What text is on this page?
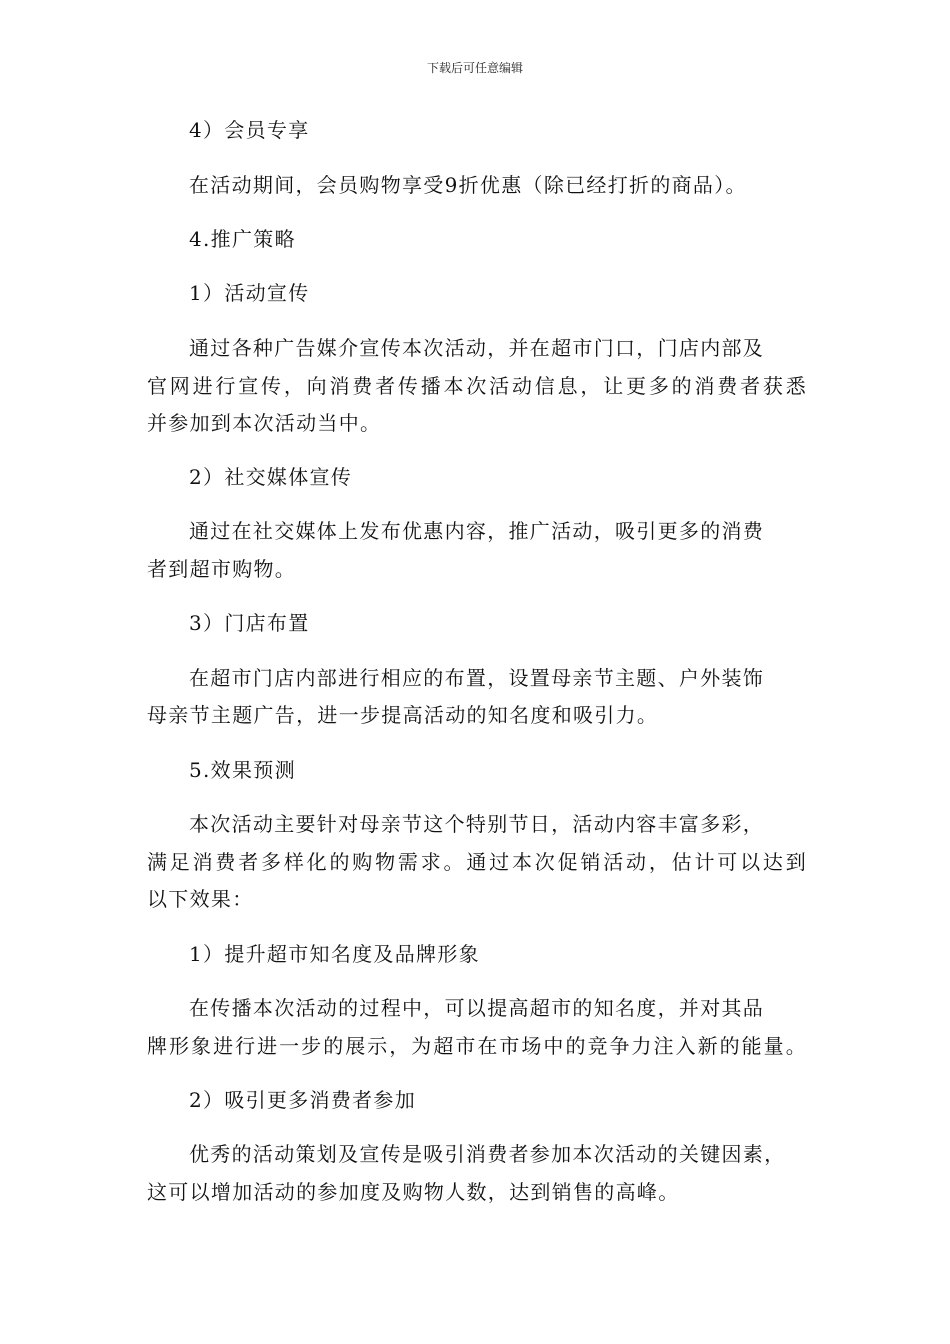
下载后可任意编辑
4）会员专享
在活动期间，会员购物享受9折优惠（除已经打折的商品）。
4.推广策略
1）活动宣传
通过各种广告媒介宣传本次活动，并在超市门口，门店内部及
官网进行宣传，向消费者传播本次活动信息，让更多的消费者获悉
并参加到本次活动当中。
2）社交媒体宣传
通过在社交媒体上发布优惠内容，推广活动，吸引更多的消费
者到超市购物。
3）门店布置
在超市门店内部进行相应的布置，设置母亲节主题、户外装饰
母亲节主题广告，进一步提高活动的知名度和吸引力。
5.效果预测
本次活动主要针对母亲节这个特别节日，活动内容丰富多彩，
满足消费者多样化的购物需求。通过本次促销活动，估计可以达到
以下效果：
1）提升超市知名度及品牌形象
在传播本次活动的过程中，可以提高超市的知名度，并对其品
牌形象进行进一步的展示，为超市在市场中的竞争力注入新的能量。
2）吸引更多消费者参加
优秀的活动策划及宣传是吸引消费者参加本次活动的关键因素，
这可以增加活动的参加度及购物人数，达到销售的高峰。
